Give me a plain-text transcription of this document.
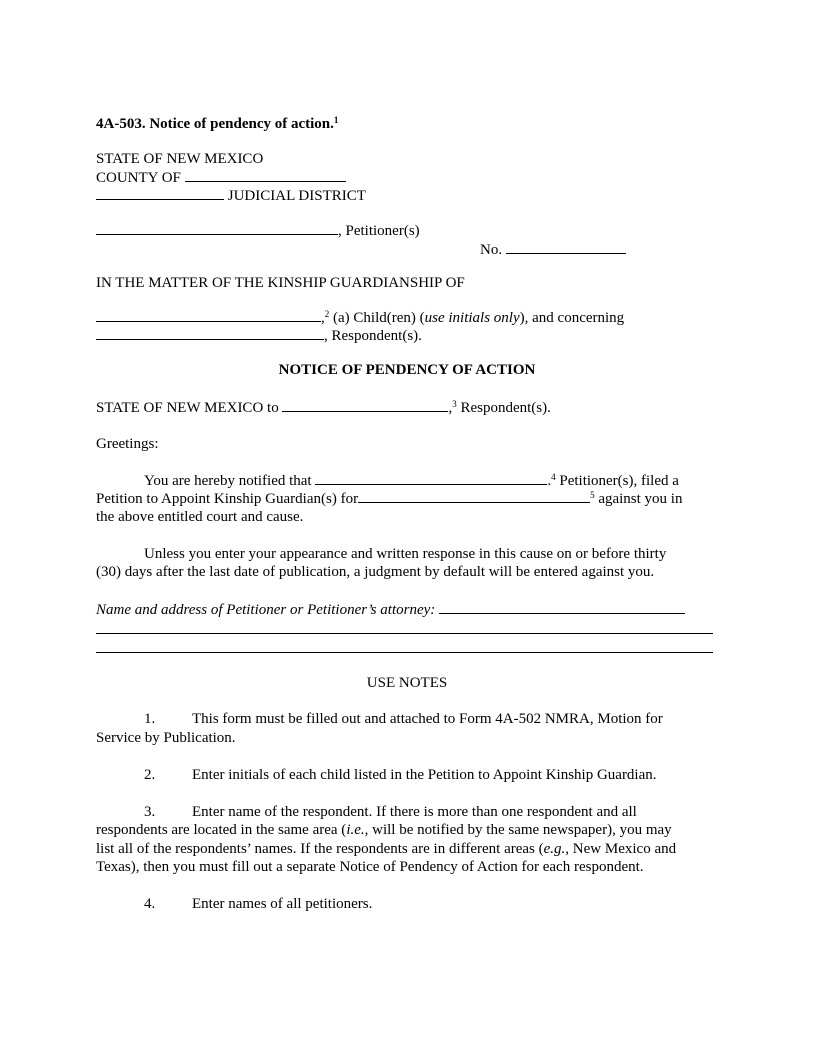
4A-503. Notice of pendency of action.$^1$
STATE OF NEW MEXICO
COUNTY OF
JUDICIAL DISTRICT
, Petitioner(s)
No.
IN THE MATTER OF THE KINSHIP GUARDIANSHIP OF
,$^2$ (a) Child(ren) (use initials only), and concerning
, Respondent(s).
NOTICE OF PENDENCY OF ACTION
STATE OF NEW MEXICO to	,$^3$ Respondent(s).
Greetings:
You are hereby notified that	.$^4$ Petitioner(s), filed a
Petition to Appoint Kinship Guardian(s) for	$^5$ against you in
the above entitled court and cause.
Unless you enter your appearance and written response in this cause on or before thirty
(30) days after the last date of publication, a judgment by default will be entered against you.
Name and address of Petitioner or Petitioner’s attorney:
USE NOTES
1. This form must be filled out and attached to Form 4A-502 NMRA, Motion for
Service by Publication.
2. Enter initials of each child listed in the Petition to Appoint Kinship Guardian.
3. Enter name of the respondent. If there is more than one respondent and all
respondents are located in the same area (i.e., will be notified by the same newspaper), you may
list all of the respondents’ names. If the respondents are in different areas (e.g., New Mexico and
Texas), then you must fill out a separate Notice of Pendency of Action for each respondent.
4. Enter names of all petitioners.
